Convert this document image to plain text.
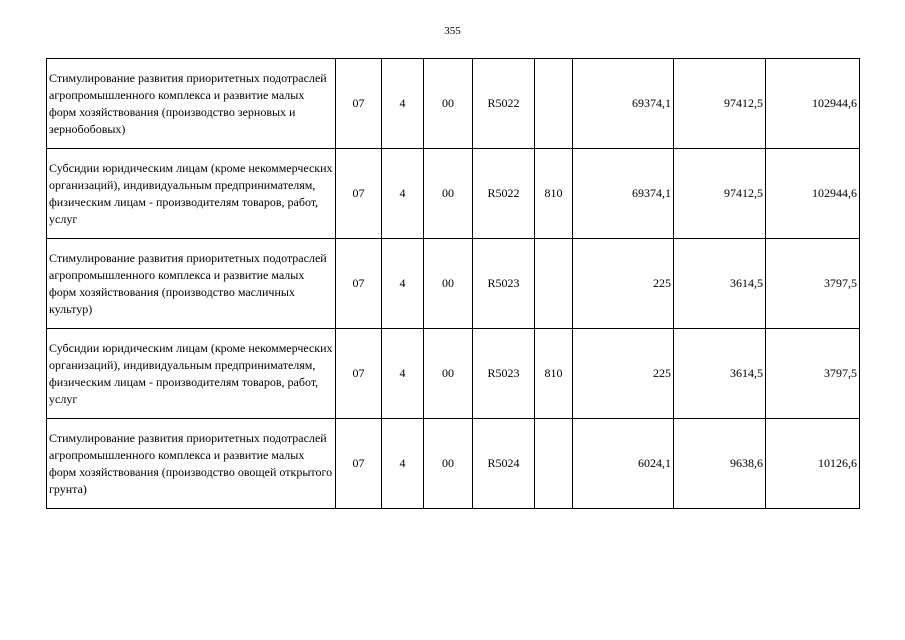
355
Стимулирование развития приоритетных подотраслей агропромышленного комплекса и развитие малых форм хозяйствования (производство зерновых и зернобобовых)	07	4	00	R5022		69374,1	97412,5	102944,6
Субсидии юридическим лицам (кроме некоммерческих организаций), индивидуальным предпринимателям, физическим лицам - производителям товаров, работ, услуг	07	4	00	R5022	810	69374,1	97412,5	102944,6
Стимулирование развития приоритетных подотраслей агропромышленного комплекса и развитие малых форм хозяйствования (производство масличных культур)	07	4	00	R5023		225	3614,5	3797,5
Субсидии юридическим лицам (кроме некоммерческих организаций), индивидуальным предпринимателям, физическим лицам - производителям товаров, работ, услуг	07	4	00	R5023	810	225	3614,5	3797,5
Стимулирование развития приоритетных подотраслей агропромышленного комплекса и развитие малых форм хозяйствования (производство овощей открытого грунта)	07	4	00	R5024		6024,1	9638,6	10126,6
